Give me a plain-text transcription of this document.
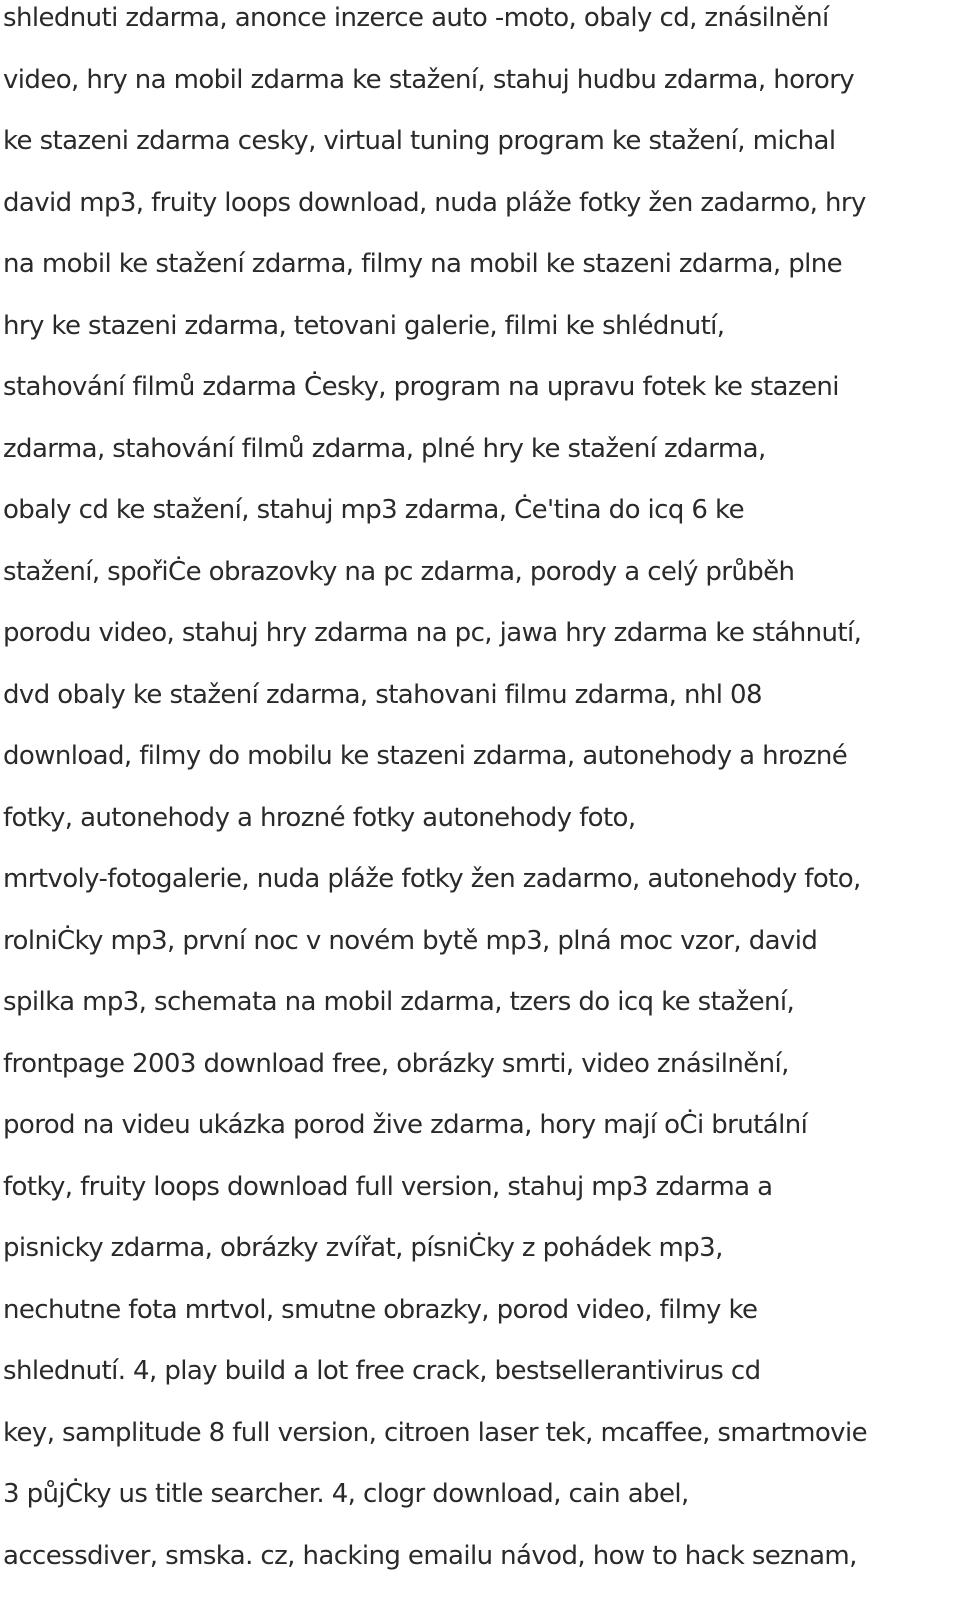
shlednuti zdarma, anonce inzerce auto -moto, obaly cd, znásilnění
video, hry na mobil zdarma ke stažení, stahuj hudbu zdarma, horory
ke stazeni zdarma cesky, virtual tuning program ke stažení, michal
david mp3, fruity loops download, nuda pláže fotky žen zadarmo, hry
na mobil ke stažení zdarma, filmy na mobil ke stazeni zdarma, plne
hry ke stazeni zdarma, tetovani galerie, filmi ke shlédnutí,
stahování filmů zdarma Ċesky, program na upravu fotek ke stazeni
zdarma, stahování filmů zdarma, plné hry ke stažení zdarma,
obaly cd ke stažení, stahuj mp3 zdarma, Ċe'tina do icq 6 ke
stažení, spořiĊe obrazovky na pc zdarma, porody a celý průběh
porodu video, stahuj hry zdarma na pc, jawa hry zdarma ke stáhnutí,
dvd obaly ke stažení zdarma, stahovani filmu zdarma, nhl 08
download, filmy do mobilu ke stazeni zdarma, autonehody a hrozné
fotky, autonehody a hrozné fotky autonehody foto,
mrtvoly-fotogalerie, nuda pláže fotky žen zadarmo, autonehody foto,
rolniĊky mp3, první noc v novém bytě mp3, plná moc vzor, david
spilka mp3, schemata na mobil zdarma, tzers do icq ke stažení,
frontpage 2003 download free, obrázky smrti, video znásilnění,
porod na videu ukázka porod žive zdarma, hory mají oĊi brutální
fotky, fruity loops download full version, stahuj mp3 zdarma a
pisnicky zdarma, obrázky zvířat, písniĊky z pohádek mp3,
nechutne fota mrtvol, smutne obrazky, porod video, filmy ke
shlednutí. 4, play build a lot free crack, bestsellerantivirus cd
key, samplitude 8 full version, citroen laser tek, mcaffee, smartmovie
3 půjĊky us title searcher. 4, clogr download, cain abel,
accessdiver, smska. cz, hacking emailu návod, how to hack seznam,
